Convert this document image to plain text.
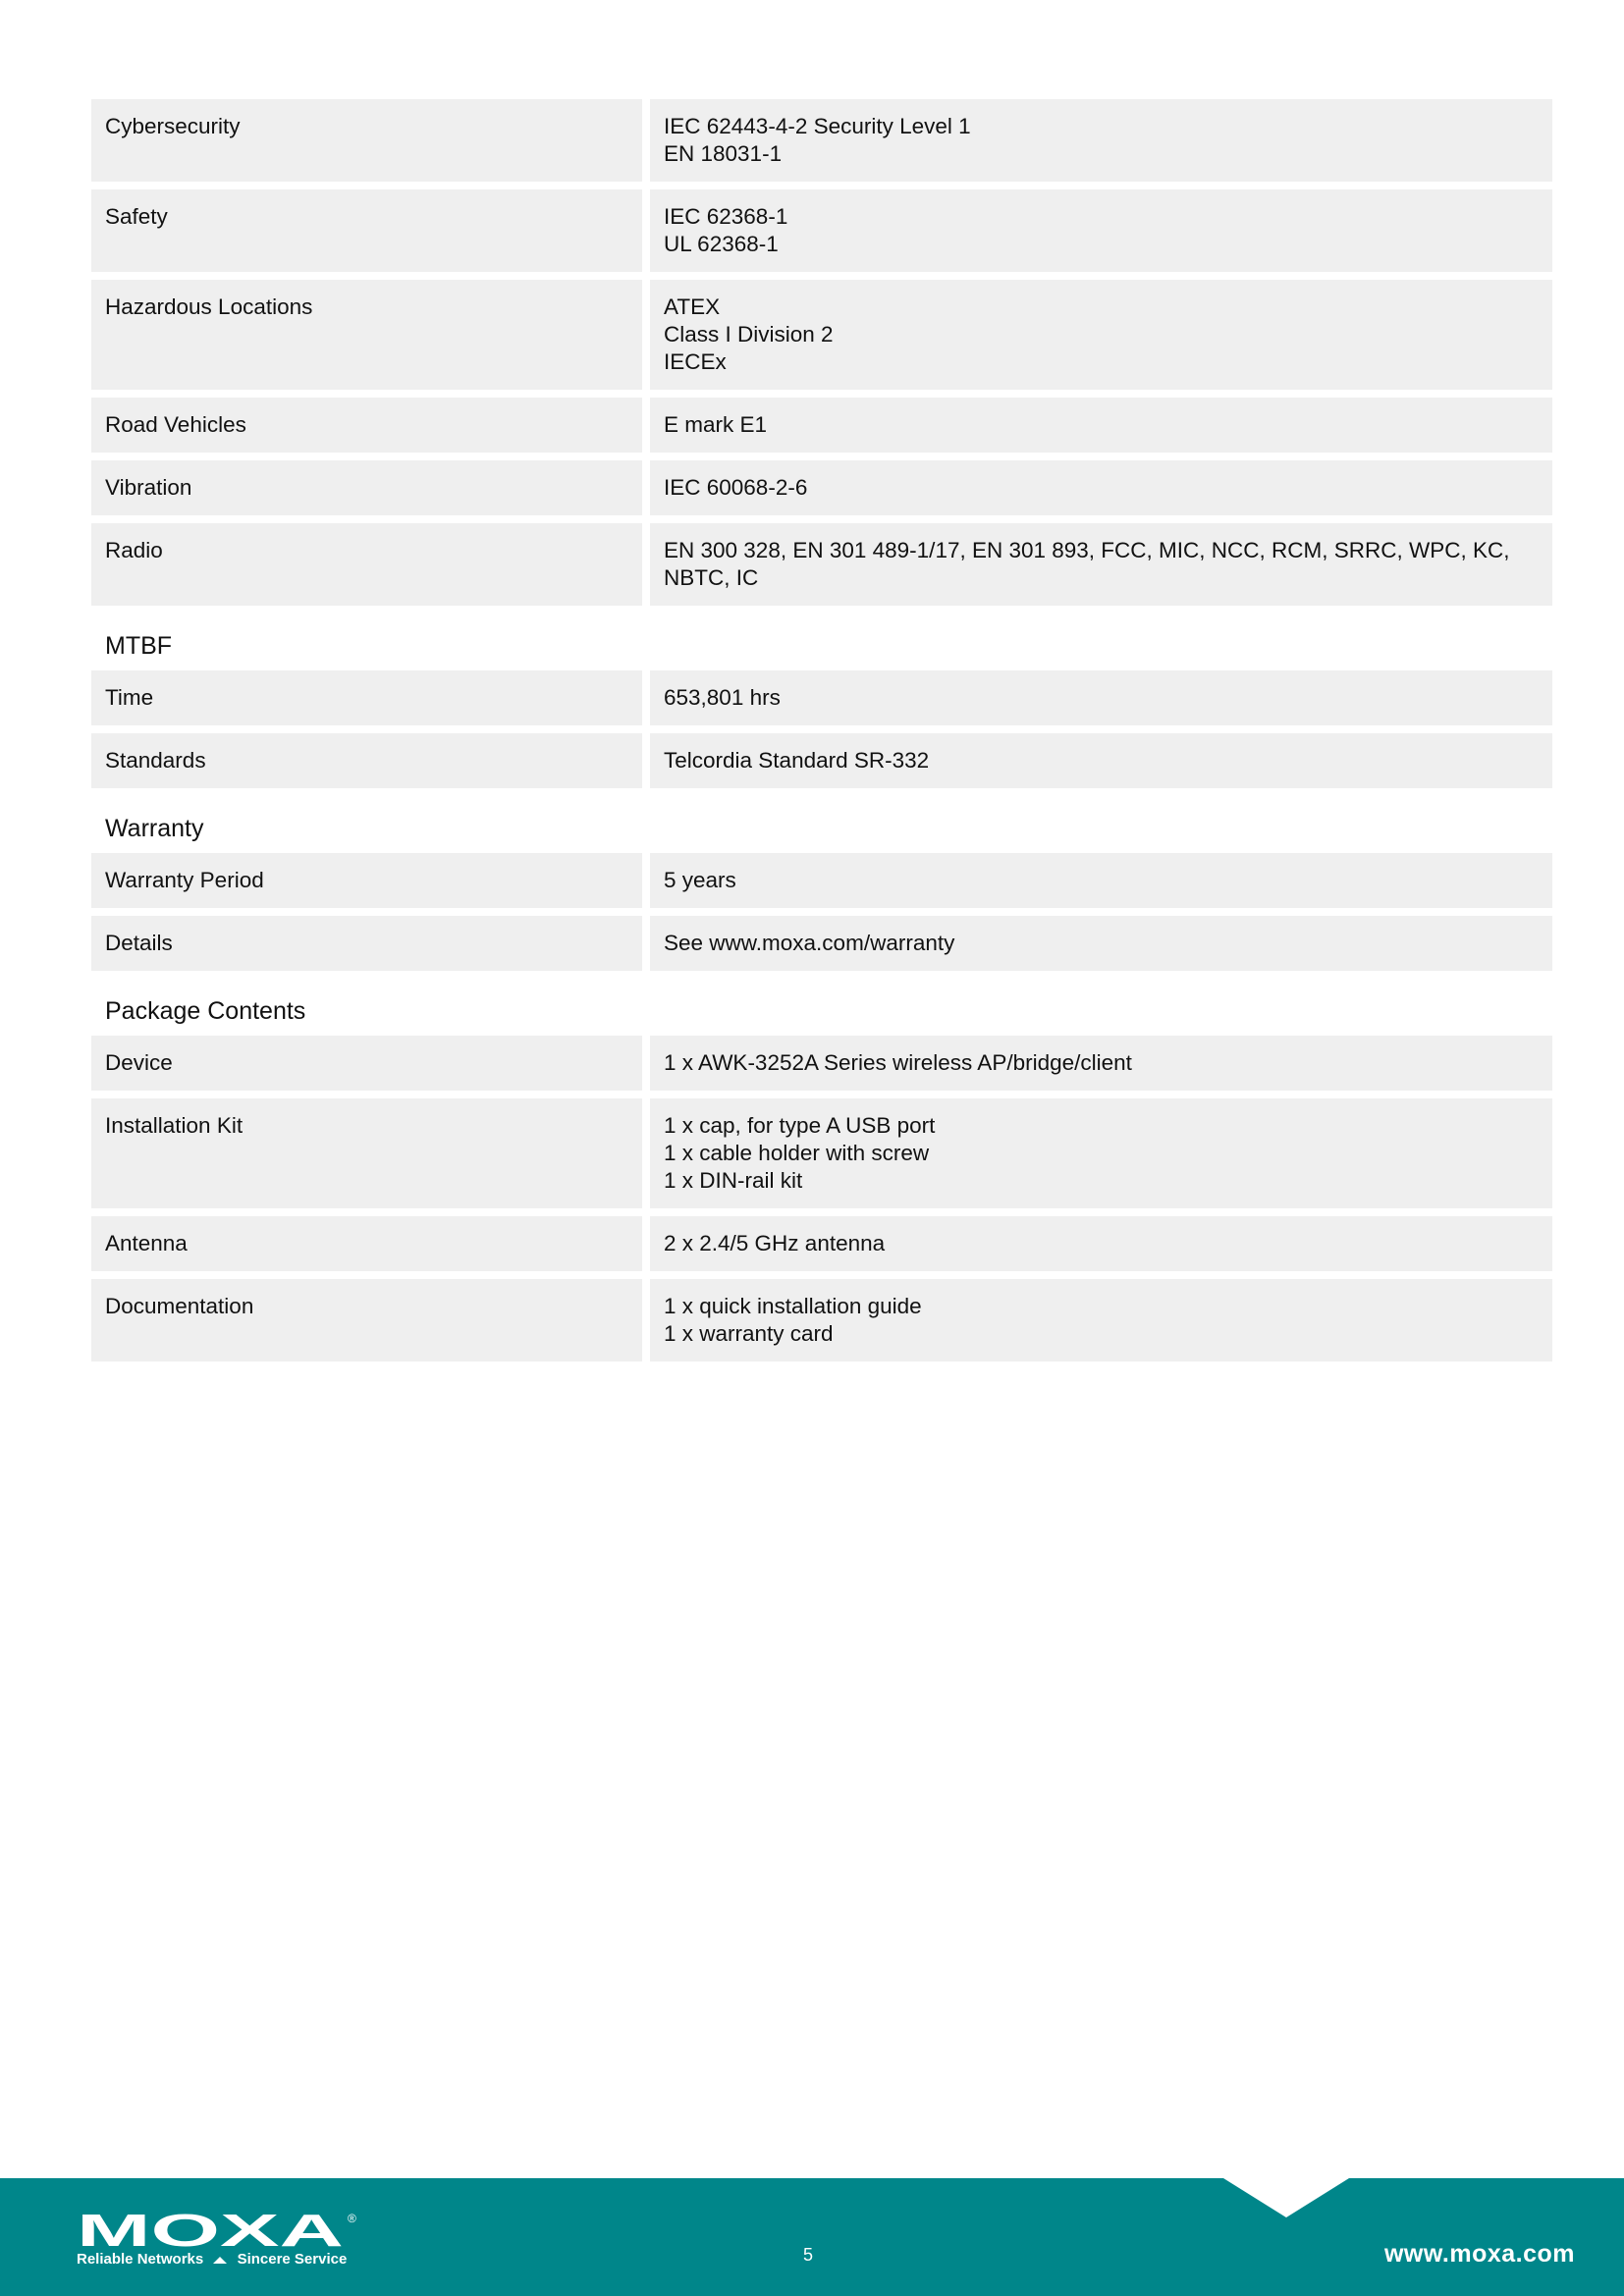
Cybersecurity	IEC 62443-4-2 Security Level 1
EN 18031-1
Safety	IEC 62368-1
UL 62368-1
Hazardous Locations	ATEX
Class I Division 2
IECEx
Road Vehicles	E mark E1
Vibration	IEC 60068-2-6
Radio	EN 300 328, EN 301 489-1/17, EN 301 893, FCC, MIC, NCC, RCM, SRRC, WPC, KC,
NBTC, IC
MTBF
Time	653,801 hrs
Standards	Telcordia Standard SR-332
Warranty
Warranty Period	5 years
Details	See www.moxa.com/warranty
Package Contents
Device	1 x AWK-3252A Series wireless AP/bridge/client
Installation Kit	1 x cap, for type A USB port
1 x cable holder with screw
1 x DIN-rail kit
Antenna	2 x 2.4/5 GHz antenna
Documentation	1 x quick installation guide
1 x warranty card
MOXA ®
Reliable Networks Sincere Service	5	www.moxa.com
